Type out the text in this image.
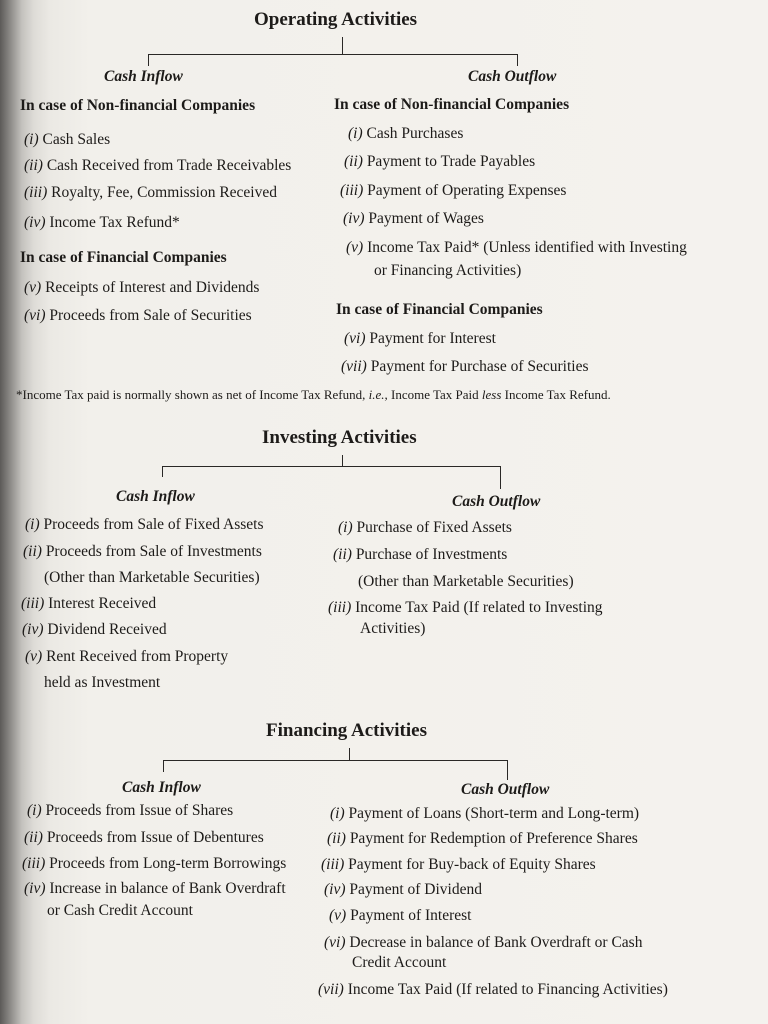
Operating Activities
Cash Inflow	Cash Outflow
In case of Non-financial Companies
(i) Cash Sales
(ii) Cash Received from Trade Receivables
(iii) Royalty, Fee, Commission Received
(iv) Income Tax Refund*
In case of Financial Companies
(v) Receipts of Interest and Dividends
(vi) Proceeds from Sale of Securities
In case of Non-financial Companies
(i) Cash Purchases
(ii) Payment to Trade Payables
(iii) Payment of Operating Expenses
(iv) Payment of Wages
(v) Income Tax Paid* (Unless identified with Investing
or Financing Activities)
In case of Financial Companies
(vi) Payment for Interest
(vii) Payment for Purchase of Securities
*Income Tax paid is normally shown as net of Income Tax Refund, i.e., Income Tax Paid less Income Tax Refund.
Investing Activities
Cash Inflow	Cash Outflow
(i) Proceeds from Sale of Fixed Assets
(ii) Proceeds from Sale of Investments
(Other than Marketable Securities)
(iii) Interest Received
(iv) Dividend Received
(v) Rent Received from Property
held as Investment
(i) Purchase of Fixed Assets
(ii) Purchase of Investments
(Other than Marketable Securities)
(iii) Income Tax Paid (If related to Investing
Activities)
Financing Activities
Cash Inflow	Cash Outflow
(i) Proceeds from Issue of Shares
(ii) Proceeds from Issue of Debentures
(iii) Proceeds from Long-term Borrowings
(iv) Increase in balance of Bank Overdraft
or Cash Credit Account
(i) Payment of Loans (Short-term and Long-term)
(ii) Payment for Redemption of Preference Shares
(iii) Payment for Buy-back of Equity Shares
(iv) Payment of Dividend
(v) Payment of Interest
(vi) Decrease in balance of Bank Overdraft or Cash
Credit Account
(vii) Income Tax Paid (If related to Financing Activities)
